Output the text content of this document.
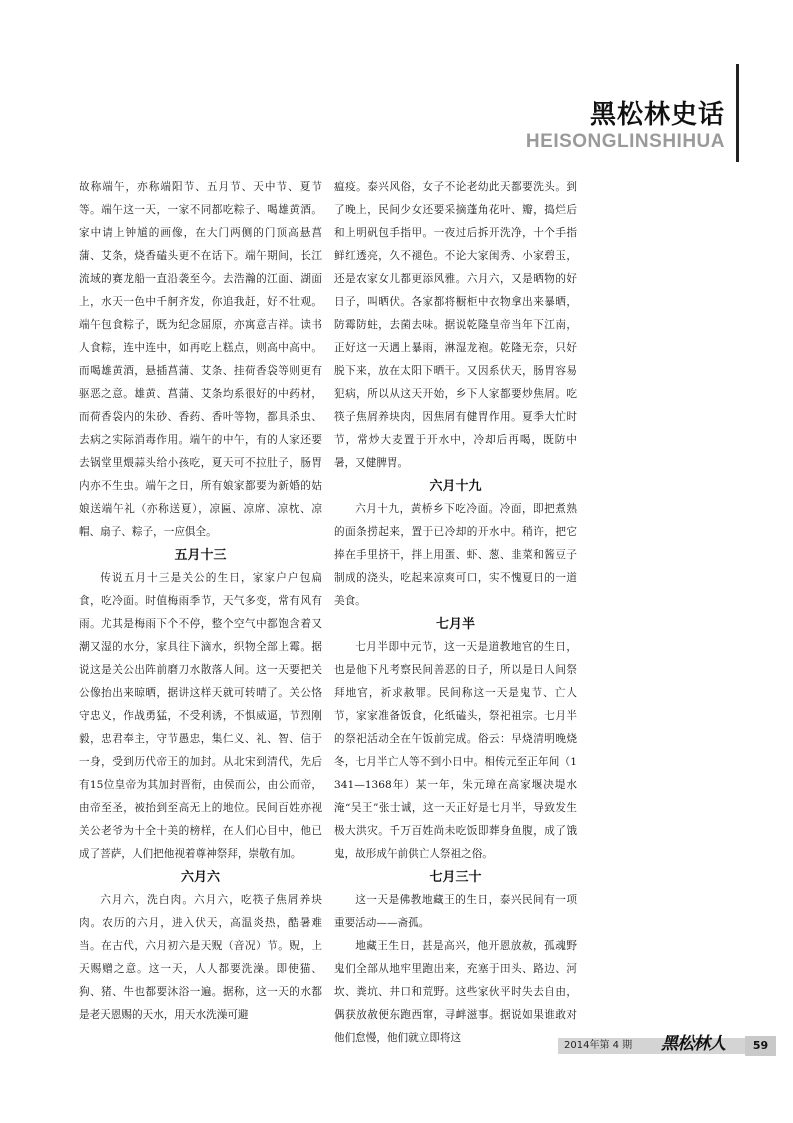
黑松林史话
HEISONGLINSHIHUA

故称端午，亦称端阳节、五月节、天中节、夏节等。端午这一天，一家不同都吃粽子、喝雄黄酒。家中请上钟馗的画像，在大门两侧的门顶高悬菖蒲、艾条，烧香磕头更不在话下。端午期间，长江流域的赛龙船一直沿袭至今。去浩瀚的江面、湖面上，水天一色中千舸齐发，你追我赶，好不壮观。端午包食粽子，既为纪念屈原，亦寓意吉祥。读书人食粽，连中连中，如再吃上糕点，则高中高中。而喝雄黄酒，悬插菖蒲、艾条、挂荷香袋等则更有驱恶之意。雄黄、菖蒲、艾条均系很好的中药材，而荷香袋内的朱砂、香药、香叶等物，都具杀虫、去病之实际消毒作用。端午的中午，有的人家还要去锅堂里煨蒜头给小孩吃，夏天可不拉肚子，肠胃内亦不生虫。端午之日，所有娘家都要为新婚的姑娘送端午礼（亦称送夏），凉匾、凉席、凉枕、凉帽、扇子、粽子，一应俱全。

五月十三

传说五月十三是关公的生日，家家户户包扁食，吃冷面。时值梅雨季节，天气多变，常有风有雨。尤其是梅雨下个不停，整个空气中都饱含着又潮又湿的水分，家具往下滴水，织物全部上霉。据说这是关公出阵前磨刀水散落人间。这一天要把关公像抬出来晾晒，据讲这样天就可转晴了。关公恪守忠义，作战勇猛，不受利诱，不惧威逼，节烈刚毅，忠君奉主，守节愚忠，集仁义、礼、智、信于一身，受到历代帝王的加封。从北宋到清代，先后有15位皇帝为其加封晋衔，由侯而公，由公而帝，由帝至圣，被抬到至高无上的地位。民间百姓亦视关公老爷为十全十美的榜样，在人们心目中，他已成了菩萨，人们把他视着尊神祭拜，崇敬有加。

六月六

六月六，洗白肉。六月六，吃筷子焦屑养块肉。农历的六月，进入伏天，高温炎热，酷暑难当。在古代，六月初六是天贶（音况）节。贶，上天赐赠之意。这一天，人人都要洗澡。即使猫、狗、猪、牛也都要沐浴一遍。据称，这一天的水都是老天恩赐的天水，用天水洗澡可避

瘟疫。泰兴风俗，女子不论老幼此天都要洗头。到了晚上，民间少女还要采摘蓬角花叶、瓣，捣烂后和上明矾包手指甲。一夜过后拆开洗净，十个手指鲜红透亮，久不褪色。不论大家闺秀、小家碧玉，还是农家女儿都更添风雅。六月六，又是晒物的好日子，叫晒伏。各家都将橱柜中衣物拿出来暴晒，防霉防蛀，去菌去味。据说乾隆皇帝当年下江南，正好这一天遇上暴雨，淋湿龙袍。乾隆无奈，只好脱下来，放在太阳下晒干。又因系伏天，肠胃容易犯病，所以从这天开始，乡下人家都要炒焦屑。吃筷子焦屑养块肉，因焦屑有健胃作用。夏季大忙时节，常炒大麦置于开水中，冷却后再喝，既防中暑，又健脾胃。

六月十九

六月十九，黄桥乡下吃冷面。冷面，即把煮熟的面条捞起来，置于已冷却的开水中。稍许，把它捧在手里挤干，拌上用蛋、虾、葱、韭菜和酱豆子制成的浇头，吃起来凉爽可口，实不愧夏日的一道美食。

七月半

七月半即中元节，这一天是道教地官的生日，也是他下凡考察民间善恶的日子，所以是日人间祭拜地官，祈求赦罪。民间称这一天是鬼节、亡人节，家家准备饭食，化纸磕头，祭祀祖宗。七月半的祭祀活动全在午饭前完成。俗云：早烧清明晚烧冬，七月半亡人等不到小日中。相传元至正年间（1341—1368年）某一年，朱元璋在高家堰决堤水淹“吴王”张士诚，这一天正好是七月半，导致发生极大洪灾。千万百姓尚未吃饭即葬身鱼腹，成了饿鬼，故形成午前供亡人祭祖之俗。

七月三十

这一天是佛教地藏王的生日，泰兴民间有一项重要活动——斋孤。

地藏王生日，甚是高兴，他开恩放赦，孤魂野鬼们全部从地牢里跑出来，充塞于田头、路边、河坎、粪坑、井口和荒野。这些家伙平时失去自由，偶获放赦便东跑西窜，寻衅滋事。据说如果谁敢对他们怠慢，他们就立即将这

2014年第 4 期 黑松林人	59
